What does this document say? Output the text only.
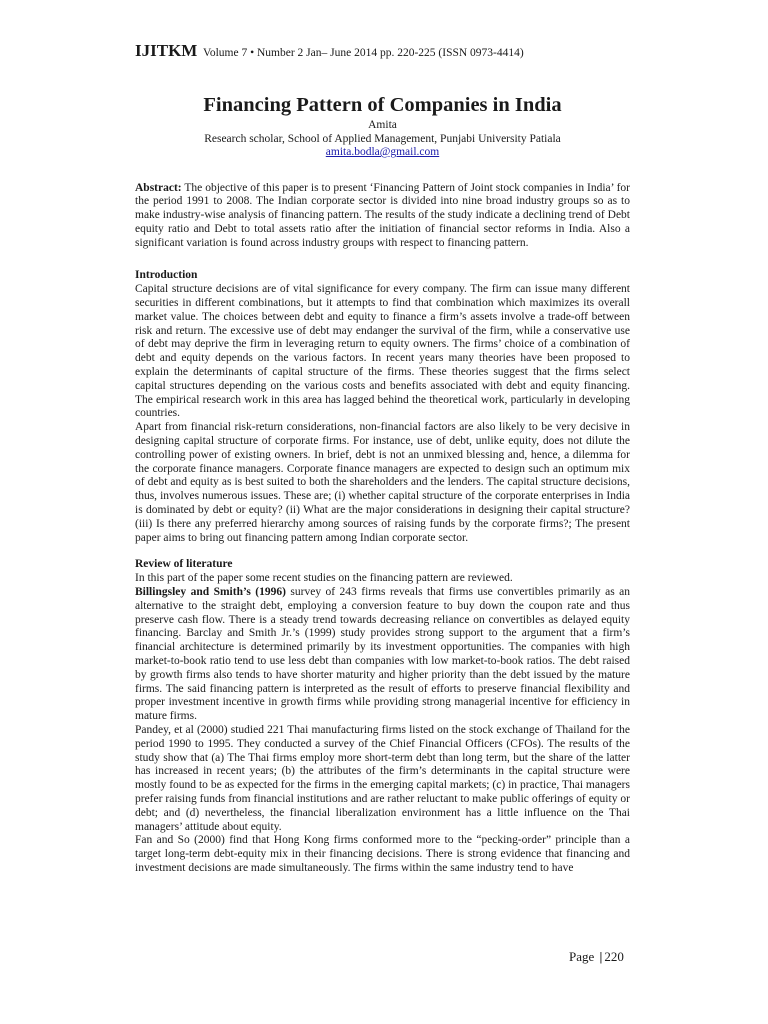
IJITKM Volume 7 • Number 2 Jan– June 2014 pp. 220-225 (ISSN 0973-4414)
Financing Pattern of Companies in India

Amita

Research scholar, School of Applied Management, Punjabi University Patiala

amita.bodla@gmail.com

Abstract: The objective of this paper is to present ‘Financing Pattern of Joint stock companies in India’ for the period 1991 to 2008. The Indian corporate sector is divided into nine broad industry groups so as to make industry-wise analysis of financing pattern. The results of the study indicate a declining trend of Debt equity ratio and Debt to total assets ratio after the initiation of financial sector reforms in India. Also a significant variation is found across industry groups with respect to financing pattern.

Introduction

Capital structure decisions are of vital significance for every company. The firm can issue many different securities in different combinations, but it attempts to find that combination which maximizes its overall market value. The choices between debt and equity to finance a firm’s assets involve a trade-off between risk and return. The excessive use of debt may endanger the survival of the firm, while a conservative use of debt may deprive the firm in leveraging return to equity owners. The firms’ choice of a combination of debt and equity depends on the various factors. In recent years many theories have been proposed to explain the determinants of capital structure of the firms. These theories suggest that the firms select capital structures depending on the various costs and benefits associated with debt and equity financing. The empirical research work in this area has lagged behind the theoretical work, particularly in developing countries.

Apart from financial risk-return considerations, non-financial factors are also likely to be very decisive in designing capital structure of corporate firms. For instance, use of debt, unlike equity, does not dilute the controlling power of existing owners. In brief, debt is not an unmixed blessing and, hence, a dilemma for the corporate finance managers. Corporate finance managers are expected to design such an optimum mix of debt and equity as is best suited to both the shareholders and the lenders. The capital structure decisions, thus, involves numerous issues. These are; (i) whether capital structure of the corporate enterprises in India is dominated by debt or equity? (ii) What are the major considerations in designing their capital structure? (iii) Is there any preferred hierarchy among sources of raising funds by the corporate firms?; The present paper aims to bring out financing pattern among Indian corporate sector.

Review of literature

In this part of the paper some recent studies on the financing pattern are reviewed.

Billingsley and Smith’s (1996) survey of 243 firms reveals that firms use convertibles primarily as an alternative to the straight debt, employing a conversion feature to buy down the coupon rate and thus preserve cash flow. There is a steady trend towards decreasing reliance on convertibles as delayed equity financing. Barclay and Smith Jr.’s (1999) study provides strong support to the argument that a firm’s financial architecture is determined primarily by its investment opportunities. The companies with high market-to-book ratio tend to use less debt than companies with low market-to-book ratios. The debt raised by growth firms also tends to have shorter maturity and higher priority than the debt issued by the mature firms. The said financing pattern is interpreted as the result of efforts to preserve financial flexibility and proper investment incentive in growth firms while providing strong managerial incentive for efficiency in mature firms.

Pandey, et al (2000) studied 221 Thai manufacturing firms listed on the stock exchange of Thailand for the period 1990 to 1995. They conducted a survey of the Chief Financial Officers (CFOs). The results of the study show that (a) The Thai firms employ more short-term debt than long term, but the share of the latter has increased in recent years; (b) the attributes of the firm’s determinants in the capital structure were mostly found to be as expected for the firms in the emerging capital markets; (c) in practice, Thai managers prefer raising funds from financial institutions and are rather reluctant to make public offerings of equity or debt; and (d) nevertheless, the financial liberalization environment has a little influence on the Thai managers’ attitude about equity.

Fan and So (2000) find that Hong Kong firms conformed more to the “pecking-order” principle than a target long-term debt-equity mix in their financing decisions. There is strong evidence that financing and investment decisions are made simultaneously. The firms within the same industry tend to have

Page | 220
